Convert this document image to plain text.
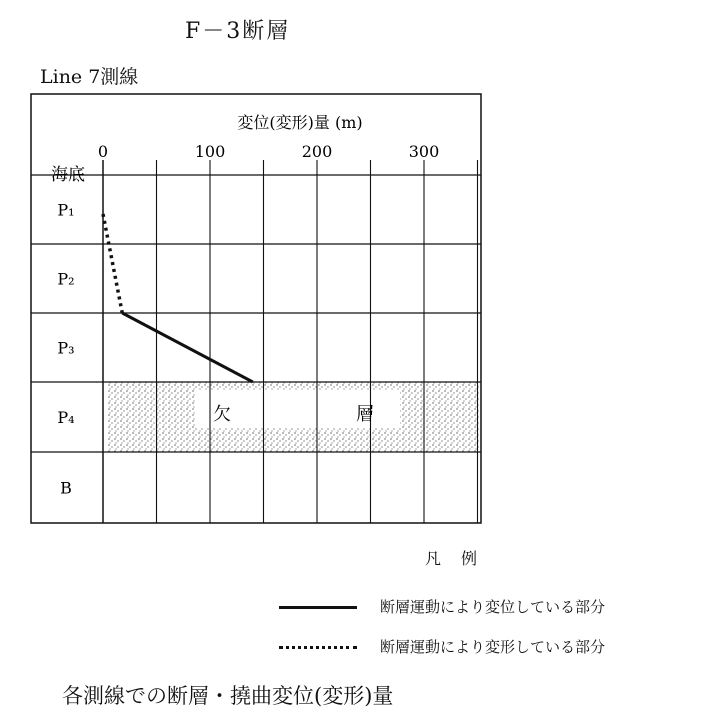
F－3断層
Line 7測線
0	100	200	300
海底
P₁
P₂
P₃
P₄
B
欠	層
変位(変形)量 (m)
凡　例
断層運動により変位している部分
断層運動により変形している部分
各測線での断層・撓曲変位(変形)量
